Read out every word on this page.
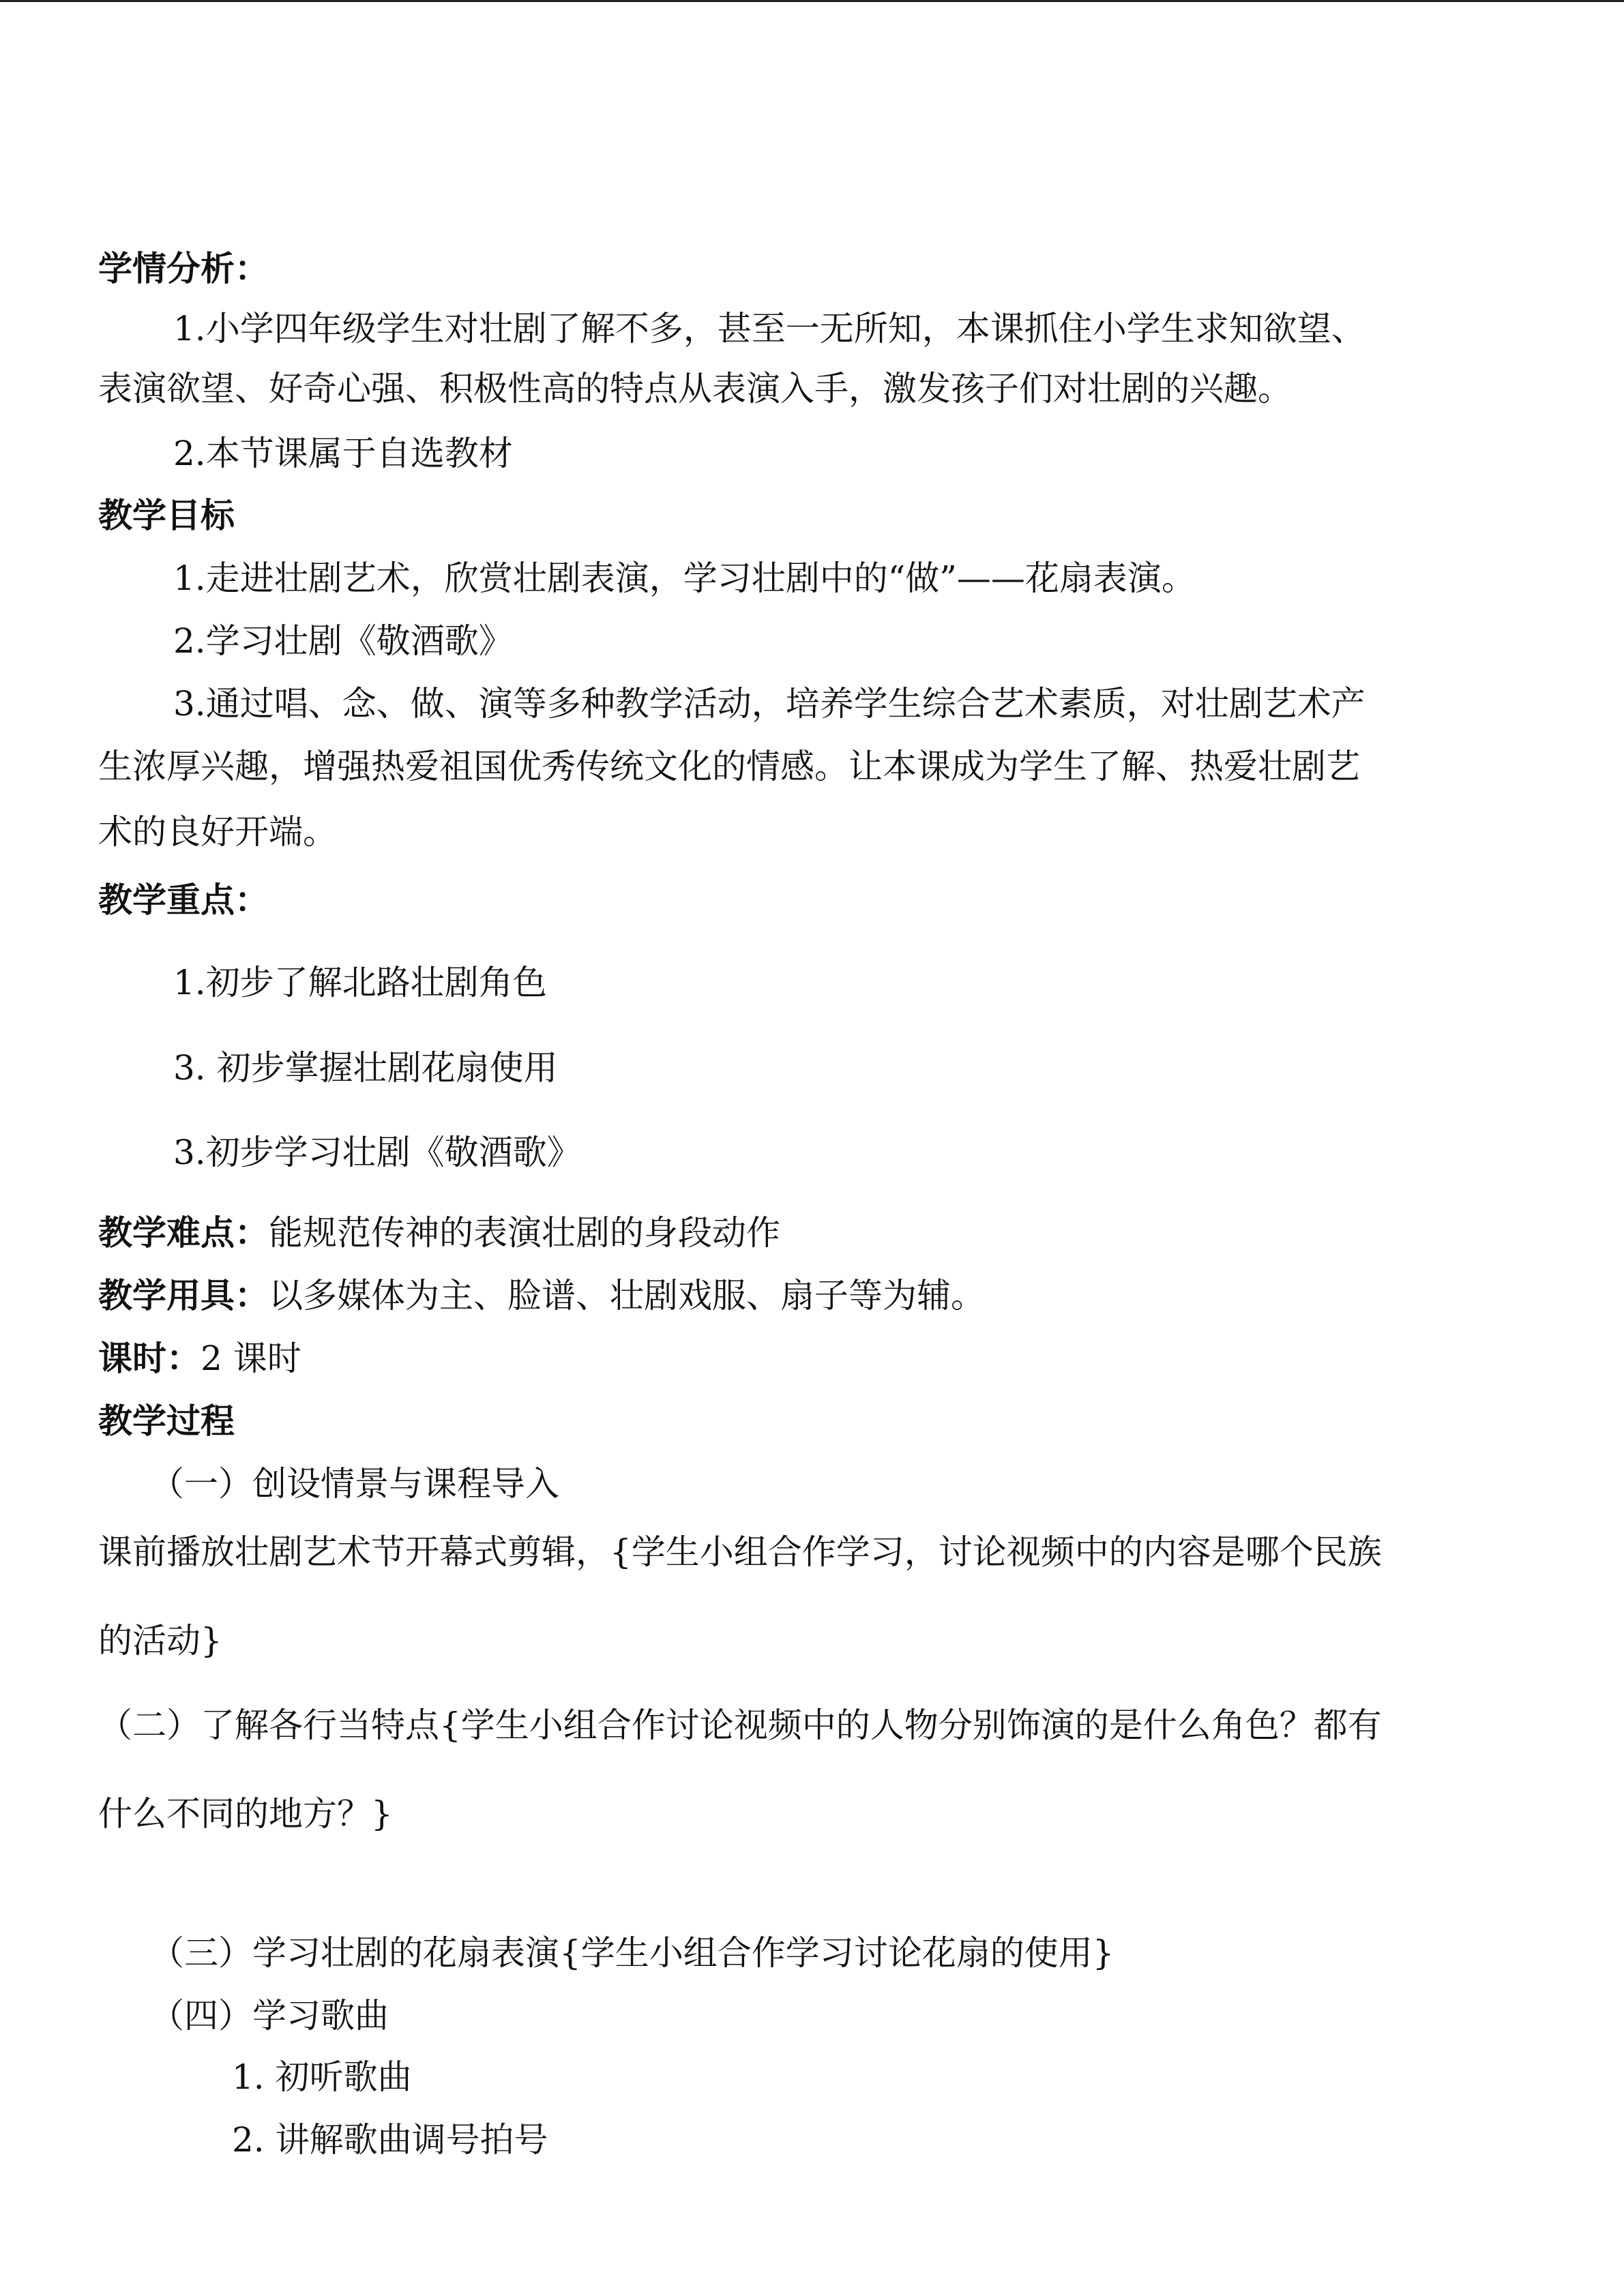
学情分析：
1.小学四年级学生对壮剧了解不多，甚至一无所知，本课抓住小学生求知欲望、
表演欲望、好奇心强、积极性高的特点从表演入手，激发孩子们对壮剧的兴趣。
2.本节课属于自选教材
教学目标
1.走进壮剧艺术，欣赏壮剧表演，学习壮剧中的“做”——花扇表演。
2.学习壮剧《敬酒歌》
3.通过唱、念、做、演等多种教学活动，培养学生综合艺术素质，对壮剧艺术产
生浓厚兴趣，增强热爱祖国优秀传统文化的情感。让本课成为学生了解、热爱壮剧艺
术的良好开端。
教学重点：
1.初步了解北路壮剧角色
3. 初步掌握壮剧花扇使用
3.初步学习壮剧《敬酒歌》
教学难点：能规范传神的表演壮剧的身段动作
教学用具：以多媒体为主、脸谱、壮剧戏服、扇子等为辅。
课时：2 课时
教学过程
（一）创设情景与课程导入
课前播放壮剧艺术节开幕式剪辑，{学生小组合作学习，讨论视频中的内容是哪个民族
的活动}
（二）了解各行当特点{学生小组合作讨论视频中的人物分别饰演的是什么角色？都有
什么不同的地方？}
（三）学习壮剧的花扇表演{学生小组合作学习讨论花扇的使用}
（四）学习歌曲
1. 初听歌曲
2. 讲解歌曲调号拍号
